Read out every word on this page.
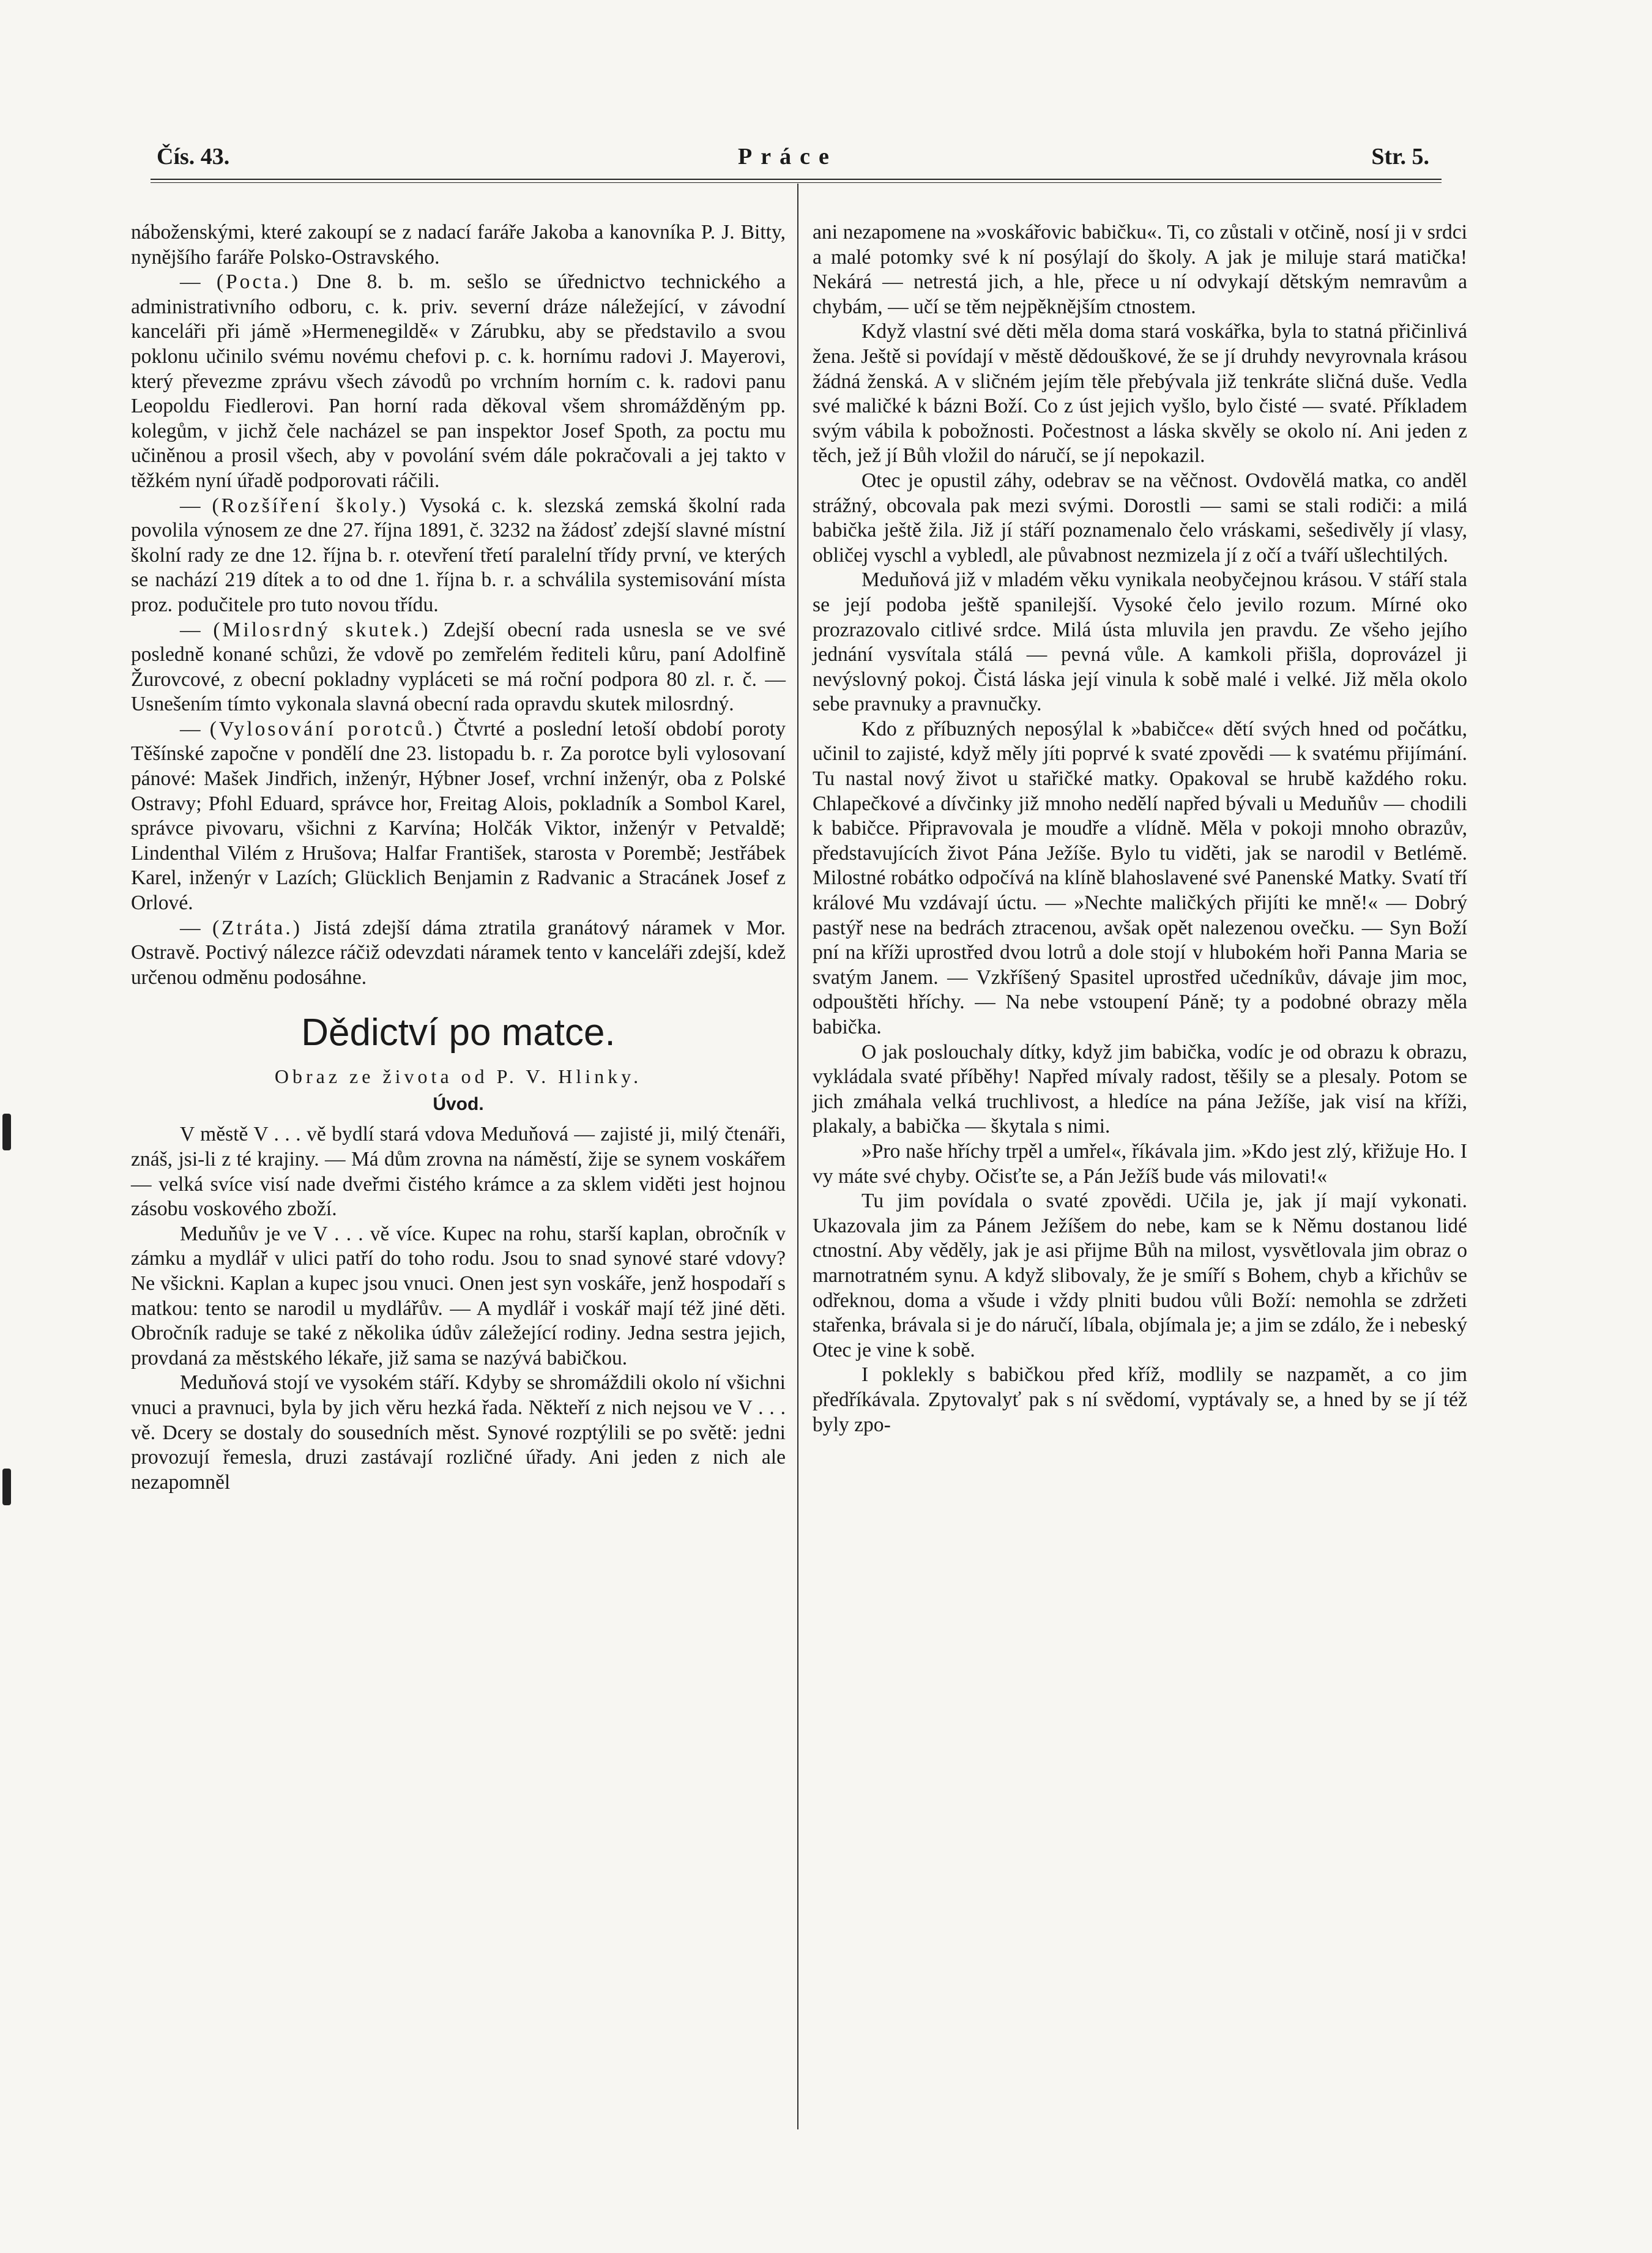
Čís. 43.	Práce	Str. 5.

náboženskými, které zakoupí se z nadací faráře Jakoba a kanovníka P. J. Bitty, nynějšího faráře Polsko-Ostravského.

— (Pocta.) Dne 8. b. m. sešlo se úřednictvo technického a administrativního odboru, c. k. priv. severní dráze náležející, v závodní kanceláři při jámě »Hermenegildě« v Zárubku, aby se představilo a svou poklonu učinilo svému novému chefovi p. c. k. hornímu radovi J. Mayerovi, který převezme zprávu všech závodů po vrchním horním c. k. radovi panu Leopoldu Fiedlerovi. Pan horní rada děkoval všem shromážděným pp. kolegům, v jichž čele nacházel se pan inspektor Josef Spoth, za poctu mu učiněnou a prosil všech, aby v povolání svém dále pokračovali a jej takto v těžkém nyní úřadě podporovati ráčili.

— (Rozšíření školy.) Vysoká c. k. slezská zemská školní rada povolila výnosem ze dne 27. října 1891, č. 3232 na žádosť zdejší slavné místní školní rady ze dne 12. října b. r. otevření třetí paralelní třídy první, ve kterých se nachází 219 dítek a to od dne 1. října b. r. a schválila systemisování místa proz. podučitele pro tuto novou třídu.

— (Milosrdný skutek.) Zdejší obecní rada usnesla se ve své posledně konané schůzi, že vdově po zemřelém řediteli kůru, paní Adolfině Žurovcové, z obecní pokladny vypláceti se má roční podpora 80 zl. r. č. — Usnešením tímto vykonala slavná obecní rada opravdu skutek milosrdný.

— (Vylosování porotců.) Čtvrté a poslední letoší období poroty Těšínské započne v pondělí dne 23. listopadu b. r. Za porotce byli vylosovaní pánové: Mašek Jindřich, inženýr, Hýbner Josef, vrchní inženýr, oba z Polské Ostravy; Pfohl Eduard, správce hor, Freitag Alois, pokladník a Sombol Karel, správce pivovaru, všichni z Karvína; Holčák Viktor, inženýr v Petvaldě; Lindenthal Vilém z Hrušova; Halfar František, starosta v Porembě; Jestřábek Karel, inženýr v Lazích; Glücklich Benjamin z Radvanic a Stracánek Josef z Orlové.

— (Ztráta.) Jistá zdejší dáma ztratila granátový náramek v Mor. Ostravě. Poctivý nálezce ráčiž odevzdati náramek tento v kanceláři zdejší, kdež určenou odměnu podosáhne.

Dědictví po matce.
Obraz ze života od P. V. Hlinky.
Úvod.

V městě V . . . vě bydlí stará vdova Meduňová — zajisté ji, milý čtenáři, znáš, jsi-li z té krajiny. — Má dům zrovna na náměstí, žije se synem voskářem — velká svíce visí nade dveřmi čistého krámce a za sklem viděti jest hojnou zásobu voskového zboží.

Meduňův je ve V . . . vě více. Kupec na rohu, starší kaplan, obročník v zámku a mydlář v ulici patří do toho rodu. Jsou to snad synové staré vdovy? Ne všickni. Kaplan a kupec jsou vnuci. Onen jest syn voskáře, jenž hospodaří s matkou: tento se narodil u mydlářův. — A mydlář i voskář mají též jiné děti. Obročník raduje se také z několika údův záležející rodiny. Jedna sestra jejich, provdaná za městského lékaře, již sama se nazývá babičkou.

Meduňová stojí ve vysokém stáří. Kdyby se shromáždili okolo ní všichni vnuci a pravnuci, byla by jich věru hezká řada. Někteří z nich nejsou ve V . . . vě. Dcery se dostaly do sousedních měst. Synové rozptýlili se po světě: jedni provozují řemesla, druzi zastávají rozličné úřady. Ani jeden z nich ale nezapomněl

ani nezapomene na »voskářovic babičku«. Ti, co zůstali v otčině, nosí ji v srdci a malé potomky své k ní posýlají do školy. A jak je miluje stará matička! Nekárá — netrestá jich, a hle, přece u ní odvykají dětským nemravům a chybám, — učí se těm nejpěknějším ctnostem.

Když vlastní své děti měla doma stará voskářka, byla to statná přičinlivá žena. Ještě si povídají v městě dědouškové, že se jí druhdy nevyrovnala krásou žádná ženská. A v sličném jejím těle přebývala již tenkráte sličná duše. Vedla své maličké k bázni Boží. Co z úst jejich vyšlo, bylo čisté — svaté. Příkladem svým vábila k pobožnosti. Počestnost a láska skvěly se okolo ní. Ani jeden z těch, jež jí Bůh vložil do náručí, se jí nepokazil.

Otec je opustil záhy, odebrav se na věčnost. Ovdovělá matka, co anděl strážný, obcovala pak mezi svými. Dorostli — sami se stali rodiči: a milá babička ještě žila. Již jí stáří poznamenalo čelo vráskami, sešedivěly jí vlasy, obličej vyschl a vybledl, ale půvabnost nezmizela jí z očí a tváří ušlechtilých.

Meduňová již v mladém věku vynikala neobyčejnou krásou. V stáří stala se její podoba ještě spanilejší. Vysoké čelo jevilo rozum. Mírné oko prozrazovalo citlivé srdce. Milá ústa mluvila jen pravdu. Ze všeho jejího jednání vysvítala stálá — pevná vůle. A kamkoli přišla, doprovázel ji nevýslovný pokoj. Čistá láska její vinula k sobě malé i velké. Již měla okolo sebe pravnuky a pravnučky.

Kdo z příbuzných neposýlal k »babičce« dětí svých hned od počátku, učinil to zajisté, když měly jíti poprvé k svaté zpovědi — k svatému přijímání. Tu nastal nový život u stařičké matky. Opakoval se hrubě každého roku. Chlapečkové a dívčinky již mnoho nedělí napřed bývali u Meduňův — chodili k babičce. Připravovala je moudře a vlídně. Měla v pokoji mnoho obrazův, představujících život Pána Ježíše. Bylo tu viděti, jak se narodil v Betlémě. Milostné robátko odpočívá na klíně blahoslavené své Panenské Matky. Svatí tří králové Mu vzdávají úctu. — »Nechte maličkých přijíti ke mně!« — Dobrý pastýř nese na bedrách ztracenou, avšak opět nalezenou ovečku. — Syn Boží pní na kříži uprostřed dvou lotrů a dole stojí v hlubokém hoři Panna Maria se svatým Janem. — Vzkříšený Spasitel uprostřed učedníkův, dávaje jim moc, odpouštěti hříchy. — Na nebe vstoupení Páně; ty a podobné obrazy měla babička.

O jak poslouchaly dítky, když jim babička, vodíc je od obrazu k obrazu, vykládala svaté příběhy! Napřed mívaly radost, těšily se a plesaly. Potom se jich zmáhala velká truchlivost, a hledíce na pána Ježíše, jak visí na kříži, plakaly, a babička — škytala s nimi.

»Pro naše hříchy trpěl a umřel«, říkávala jim. »Kdo jest zlý, křižuje Ho. I vy máte své chyby. Očisťte se, a Pán Ježíš bude vás milovati!«

Tu jim povídala o svaté zpovědi. Učila je, jak jí mají vykonati. Ukazovala jim za Pánem Ježíšem do nebe, kam se k Němu dostanou lidé ctnostní. Aby věděly, jak je asi přijme Bůh na milost, vysvětlovala jim obraz o marnotratném synu. A když slibovaly, že je smíří s Bohem, chyb a křichův se odřeknou, doma a všude i vždy plniti budou vůli Boží: nemohla se zdržeti stařenka, brávala si je do náručí, líbala, objímala je; a jim se zdálo, že i nebeský Otec je vine k sobě.

I poklekly s babičkou před kříž, modlily se nazpamět, a co jim předříkávala. Zpytovalyť pak s ní svědomí, vyptávaly se, a hned by se jí též byly zpo-
